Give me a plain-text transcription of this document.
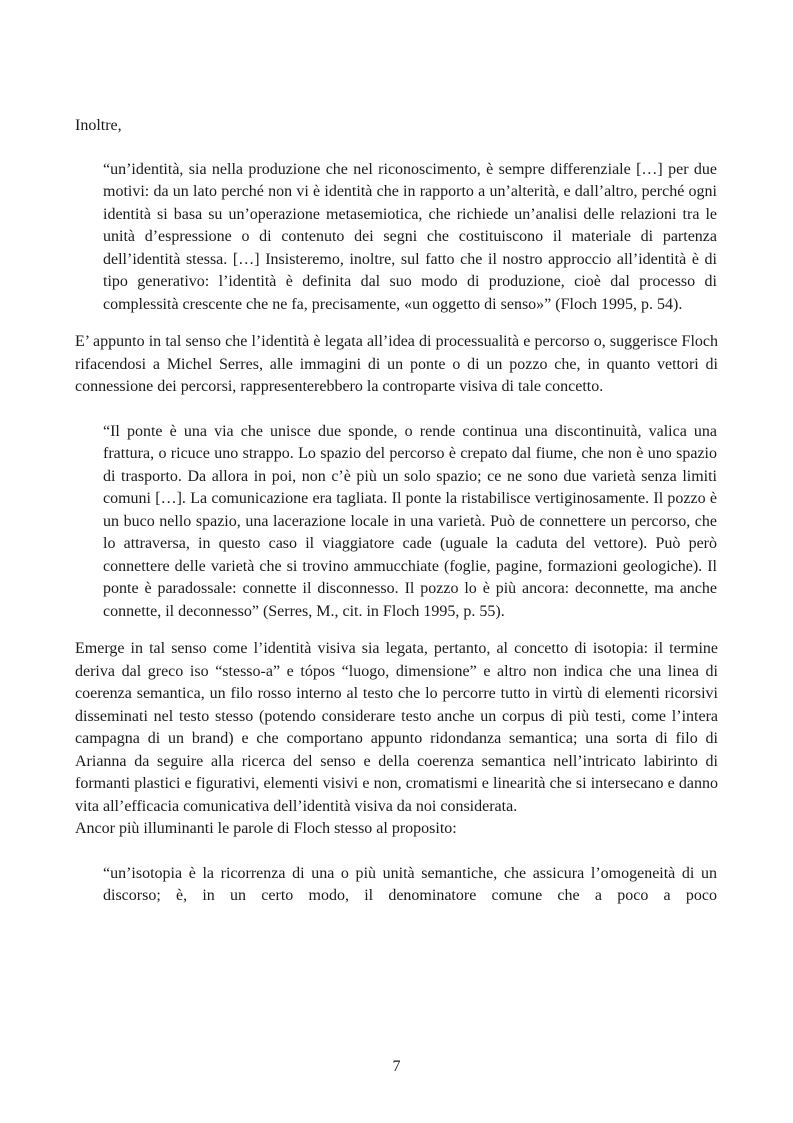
Inoltre,

“un’identità, sia nella produzione che nel riconoscimento, è sempre differenziale […] per due motivi: da un lato perché non vi è identità che in rapporto a un’alterità, e dall’altro, perché ogni identità si basa su un’operazione metasemiotica, che richiede un’analisi delle relazioni tra le unità d’espressione o di contenuto dei segni che costituiscono il materiale di partenza dell’identità stessa. […] Insisteremo, inoltre, sul fatto che il nostro approccio all’identità è di tipo generativo: l’identità è definita dal suo modo di produzione, cioè dal processo di complessità crescente che ne fa, precisamente, «un oggetto di senso»” (Floch 1995, p. 54).

E’ appunto in tal senso che l’identità è legata all’idea di processualità e percorso o, suggerisce Floch rifacendosi a Michel Serres, alle immagini di un ponte o di un pozzo che, in quanto vettori di connessione dei percorsi, rappresenterebbero la controparte visiva di tale concetto.

“Il ponte è una via che unisce due sponde, o rende continua una discontinuità, valica una frattura, o ricuce uno strappo. Lo spazio del percorso è crepato dal fiume, che non è uno spazio di trasporto. Da allora in poi, non c’è più un solo spazio; ce ne sono due varietà senza limiti comuni […]. La comunicazione era tagliata. Il ponte la ristabilisce vertiginosamente. Il pozzo è un buco nello spazio, una lacerazione locale in una varietà. Può de connettere un percorso, che lo attraversa, in questo caso il viaggiatore cade (uguale la caduta del vettore). Può però connettere delle varietà che si trovino ammucchiate (foglie, pagine, formazioni geologiche). Il ponte è paradossale: connette il disconnesso. Il pozzo lo è più ancora: deconnette, ma anche connette, il deconnesso” (Serres, M., cit. in Floch 1995, p. 55).

Emerge in tal senso come l’identità visiva sia legata, pertanto, al concetto di isotopia: il termine deriva dal greco iso “stesso-a” e tópos “luogo, dimensione” e altro non indica che una linea di coerenza semantica, un filo rosso interno al testo che lo percorre tutto in virtù di elementi ricorsivi disseminati nel testo stesso (potendo considerare testo anche un corpus di più testi, come l’intera campagna di un brand) e che comportano appunto ridondanza semantica; una sorta di filo di Arianna da seguire alla ricerca del senso e della coerenza semantica nell’intricato labirinto di formanti plastici e figurativi, elementi visivi e non, cromatismi e linearità che si intersecano e danno vita all’efficacia comunicativa dell’identità visiva da noi considerata.

Ancor più illuminanti le parole di Floch stesso al proposito:

“un’isotopia è la ricorrenza di una o più unità semantiche, che assicura l’omogeneità di un discorso; è, in un certo modo, il denominatore comune che a poco a poco

7
